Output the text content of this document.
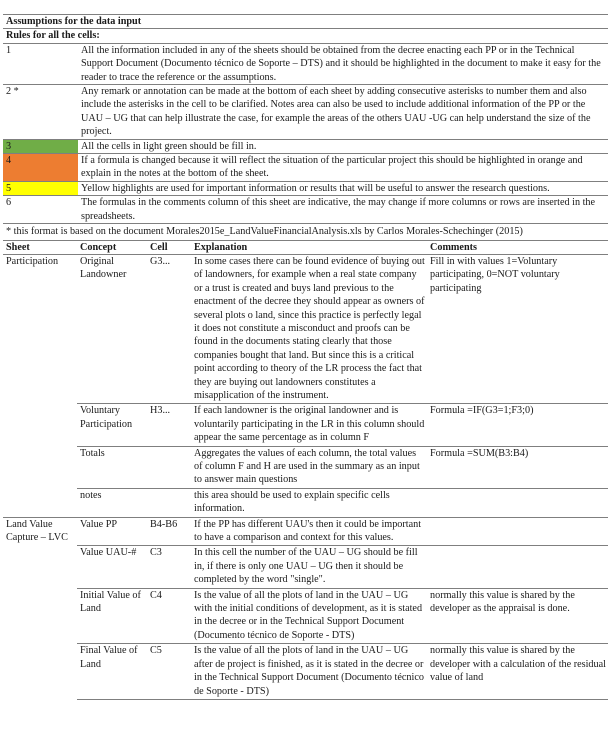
Assumptions for the data input	
Rules for all the cells:	
1	All the information included in any of the sheets should be obtained from the decree enacting each PP or in the Technical Support Document (Documento técnico de Soporte – DTS) and it should be highlighted in the document to make it easy for the reader to trace the reference or the assumptions.
2 *	Any remark or annotation can be made at the bottom of each sheet by adding consecutive asterisks to number them and also include the asterisks in the cell to be clarified. Notes area can also be used to include additional information of the PP or the UAU – UG that can help illustrate the case, for example the areas of the others UAU -UG can help understand the size of the project.
3	All the cells in light green should be fill in.
4	If a formula is changed because it will reflect the situation of the particular project this should be highlighted in orange and explain in the notes at the bottom of the sheet.
5	Yellow highlights are used for important information or results that will be useful to answer the research questions.
6	The formulas in the comments column of this sheet are indicative, the may change if more columns or rows are inserted in the spreadsheets.
* this format is based on the document Morales2015e_LandValueFinancialAnalysis.xls by Carlos Morales-Schechinger (2015)
Sheet	Concept	Cell	Explanation	Comments
Participation	Original Landowner	G3...	In some cases there can be found evidence of buying out of landowners, for example when a real state company or a trust is created and buys land previous to the enactment of the decree they should appear as owners of several plots o land, since this practice is perfectly legal it does not constitute a misconduct and proofs can be found in the documents stating clearly that those companies bought that land. But since this is a critical point according to theory of the LR process the fact that they are buying out landowners constitutes a misapplication of the instrument.	Fill in with values 1=Voluntary participating, 0=NOT voluntary participating
	Voluntary Participation	H3...	If each landowner is the original landowner and is voluntarily participating in the LR in this column should appear the same percentage as in column F	Formula =IF(G3=1;F3;0)
	Totals		Aggregates the values of each column, the total values of column F and H are used in the summary as an input to answer main questions	Formula =SUM(B3:B4)
	notes		this area should be used to explain specific cells information.	
Land Value Capture – LVC	Value PP	B4-B6	If the PP has different UAU's then it could be important to have a comparison and context for this values.	
	Value UAU-#	C3	In this cell the number of the UAU – UG should be fill in, if there is only one UAU – UG then it should be completed by the word "single".	
	Initial Value of Land	C4	Is the value of all the plots of land in the UAU – UG with the initial conditions of development, as it is stated in the decree or in the Technical Support Document (Documento técnico de Soporte - DTS)	normally this value is shared by the developer as the appraisal is done.
	Final Value of Land	C5	Is the value of all the plots of land in the UAU – UG after de project is finished, as it is stated in the decree or in the Technical Support Document (Documento técnico de Soporte - DTS)	normally this value is shared by the developer with a calculation of the residual value of land
